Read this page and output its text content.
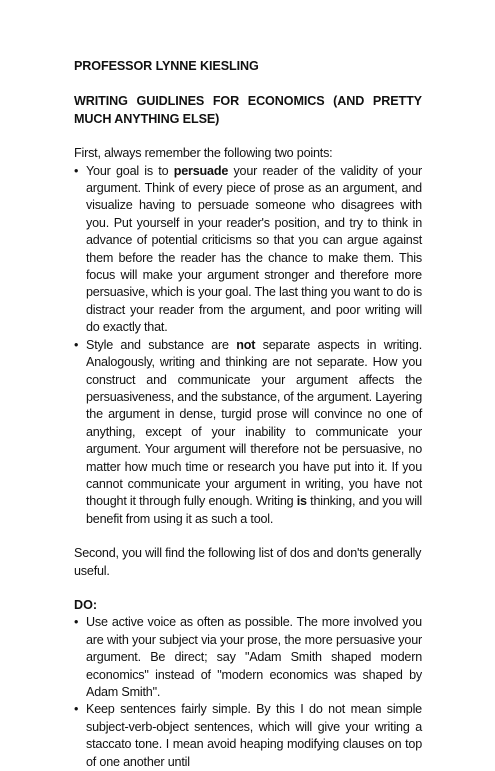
PROFESSOR LYNNE KIESLING

WRITING GUIDLINES FOR ECONOMICS (AND PRETTY MUCH ANYTHING ELSE)

First, always remember the following two points:

• Your goal is to persuade your reader of the validity of your argument. Think of every piece of prose as an argument, and visualize having to persuade someone who disagrees with you. Put yourself in your reader's position, and try to think in advance of potential criticisms so that you can argue against them before the reader has the chance to make them. This focus will make your argument stronger and therefore more persuasive, which is your goal. The last thing you want to do is distract your reader from the argument, and poor writing will do exactly that.
• Style and substance are not separate aspects in writing. Analogously, writing and thinking are not separate. How you construct and communicate your argument affects the persuasiveness, and the substance, of the argument. Layering the argument in dense, turgid prose will convince no one of anything, except of your inability to communicate your argument. Your argument will therefore not be persuasive, no matter how much time or research you have put into it. If you cannot communicate your argument in writing, you have not thought it through fully enough. Writing is thinking, and you will benefit from using it as such a tool.

Second, you will find the following list of dos and don'ts generally useful.

DO:

• Use active voice as often as possible. The more involved you are with your subject via your prose, the more persuasive your argument. Be direct; say "Adam Smith shaped modern economics" instead of "modern economics was shaped by Adam Smith".
• Keep sentences fairly simple. By this I do not mean simple subject-verb-object sentences, which will give your writing a staccato tone. I mean avoid heaping modifying clauses on top of one another until
